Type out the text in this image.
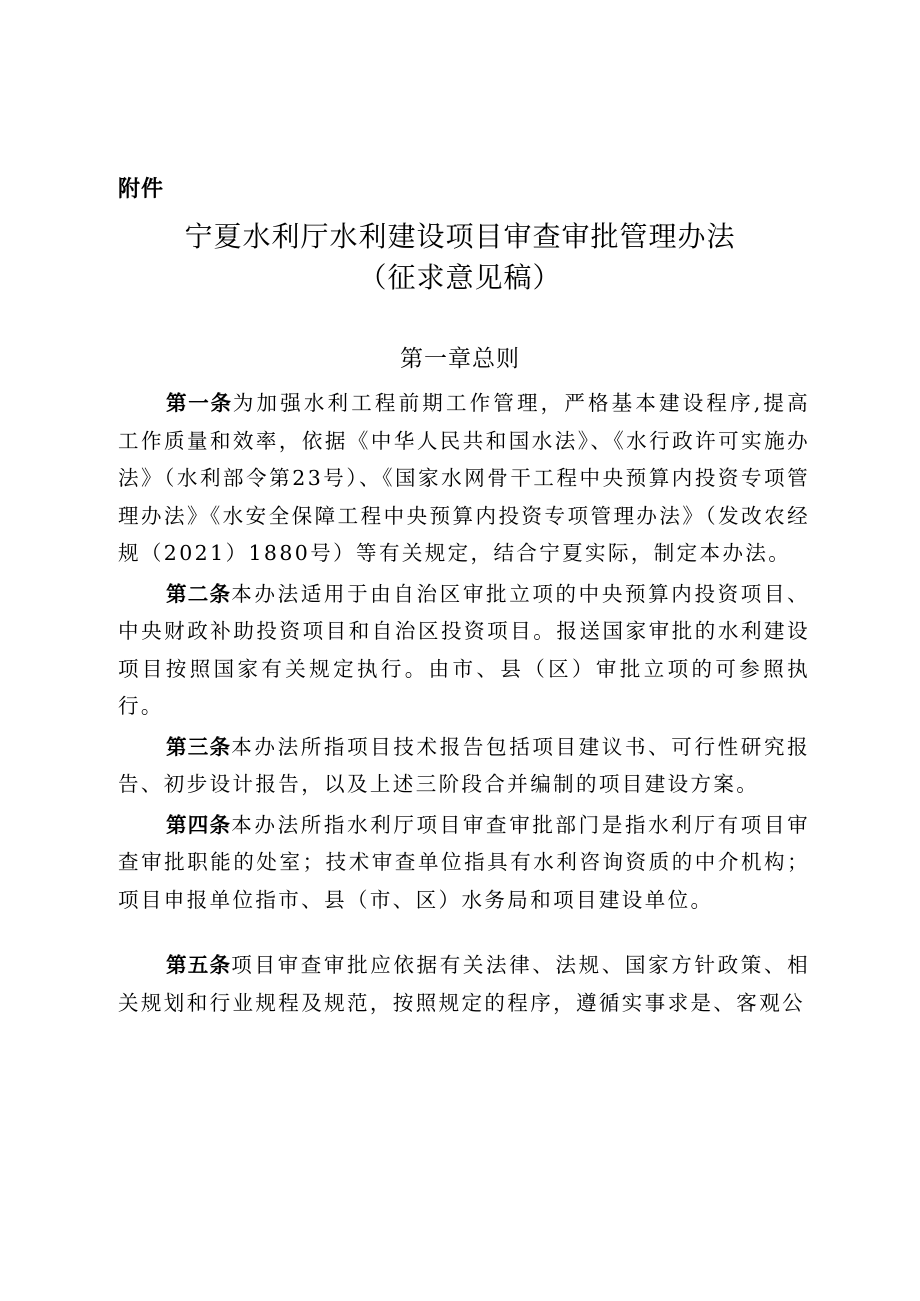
附件
宁夏水利厅水利建设项目审查审批管理办法
（征求意见稿）
第一章总则

第一条为加强水利工程前期工作管理，严格基本建设程序,提高工作质量和效率，依据《中华人民共和国水法》、《水行政许可实施办法》（水利部令第23号）、《国家水网骨干工程中央预算内投资专项管理办法》《水安全保障工程中央预算内投资专项管理办法》（发改农经规（2021）1880号）等有关规定，结合宁夏实际，制定本办法。

第二条本办法适用于由自治区审批立项的中央预算内投资项目、中央财政补助投资项目和自治区投资项目。报送国家审批的水利建设项目按照国家有关规定执行。由市、县（区）审批立项的可参照执行。

第三条本办法所指项目技术报告包括项目建议书、可行性研究报告、初步设计报告，以及上述三阶段合并编制的项目建设方案。

第四条本办法所指水利厅项目审查审批部门是指水利厅有项目审查审批职能的处室；技术审查单位指具有水利咨询资质的中介机构；项目申报单位指市、县（市、区）水务局和项目建设单位。

第五条项目审查审批应依据有关法律、法规、国家方针政策、相关规划和行业规程及规范，按照规定的程序，遵循实事求是、客观公
